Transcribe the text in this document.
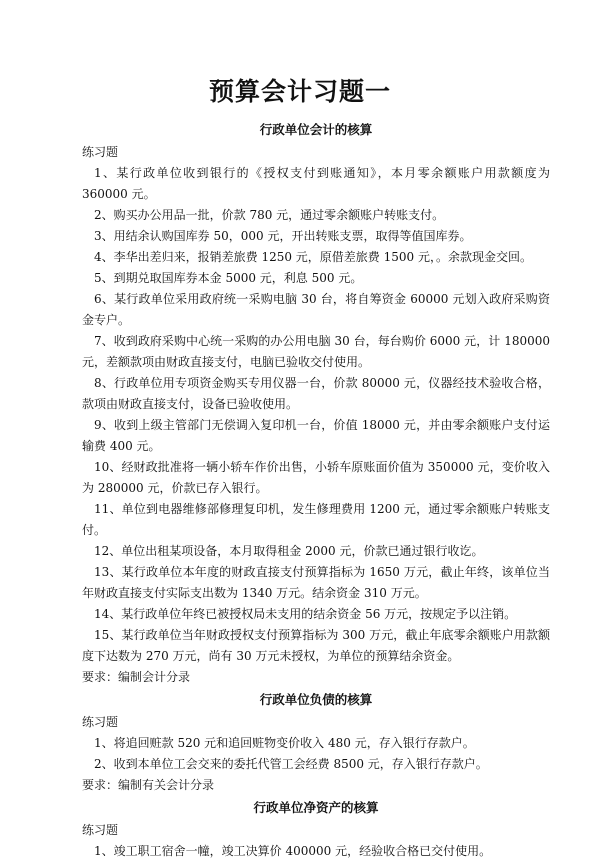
预算会计习题一

行政单位会计的核算

练习题

1、某行政单位收到银行的《授权支付到账通知》，本月零余额账户用款额度为 360000 元。

2、购买办公用品一批，价款 780 元，通过零余额账户转账支付。

3、用结余认购国库券 50，000 元，开出转账支票，取得等值国库券。

4、李华出差归来，报销差旅费 1250 元，原借差旅费 1500 元，。余款现金交回。

5、到期兑取国库券本金 5000 元，利息 500 元。

6、某行政单位采用政府统一采购电脑 30 台，将自筹资金 60000 元划入政府采购资金专户。

7、收到政府采购中心统一采购的办公用电脑 30 台，每台购价 6000 元，计 180000 元，差额款项由财政直接支付，电脑已验收交付使用。

8、行政单位用专项资金购买专用仪器一台，价款 80000 元，仪器经技术验收合格，款项由财政直接支付，设备已验收使用。

9、收到上级主管部门无偿调入复印机一台，价值 18000 元，并由零余额账户支付运输费 400 元。

10、经财政批准将一辆小轿车作价出售，小轿车原账面价值为 350000 元，变价收入为 280000 元，价款已存入银行。

11、单位到电器维修部修理复印机，发生修理费用 1200 元，通过零余额账户转账支付。

12、单位出租某项设备，本月取得租金 2000 元，价款已通过银行收讫。

13、某行政单位本年度的财政直接支付预算指标为 1650 万元，截止年终，该单位当年财政直接支付实际支出数为 1340 万元。结余资金 310 万元。

14、某行政单位年终已被授权局未支用的结余资金 56 万元，按规定予以注销。

15、某行政单位当年财政授权支付预算指标为 300 万元，截止年底零余额账户用款额度下达数为 270 万元，尚有 30 万元未授权，为单位的预算结余资金。

要求：编制会计分录

行政单位负债的核算

练习题

1、将追回赃款 520 元和追回赃物变价收入 480 元，存入银行存款户。

2、收到本单位工会交来的委托代管工会经费 8500 元，存入银行存款户。

要求：编制有关会计分录

行政单位净资产的核算

练习题

1、竣工职工宿舍一幢，竣工决算价 400000 元，经验收合格已交付使用。
